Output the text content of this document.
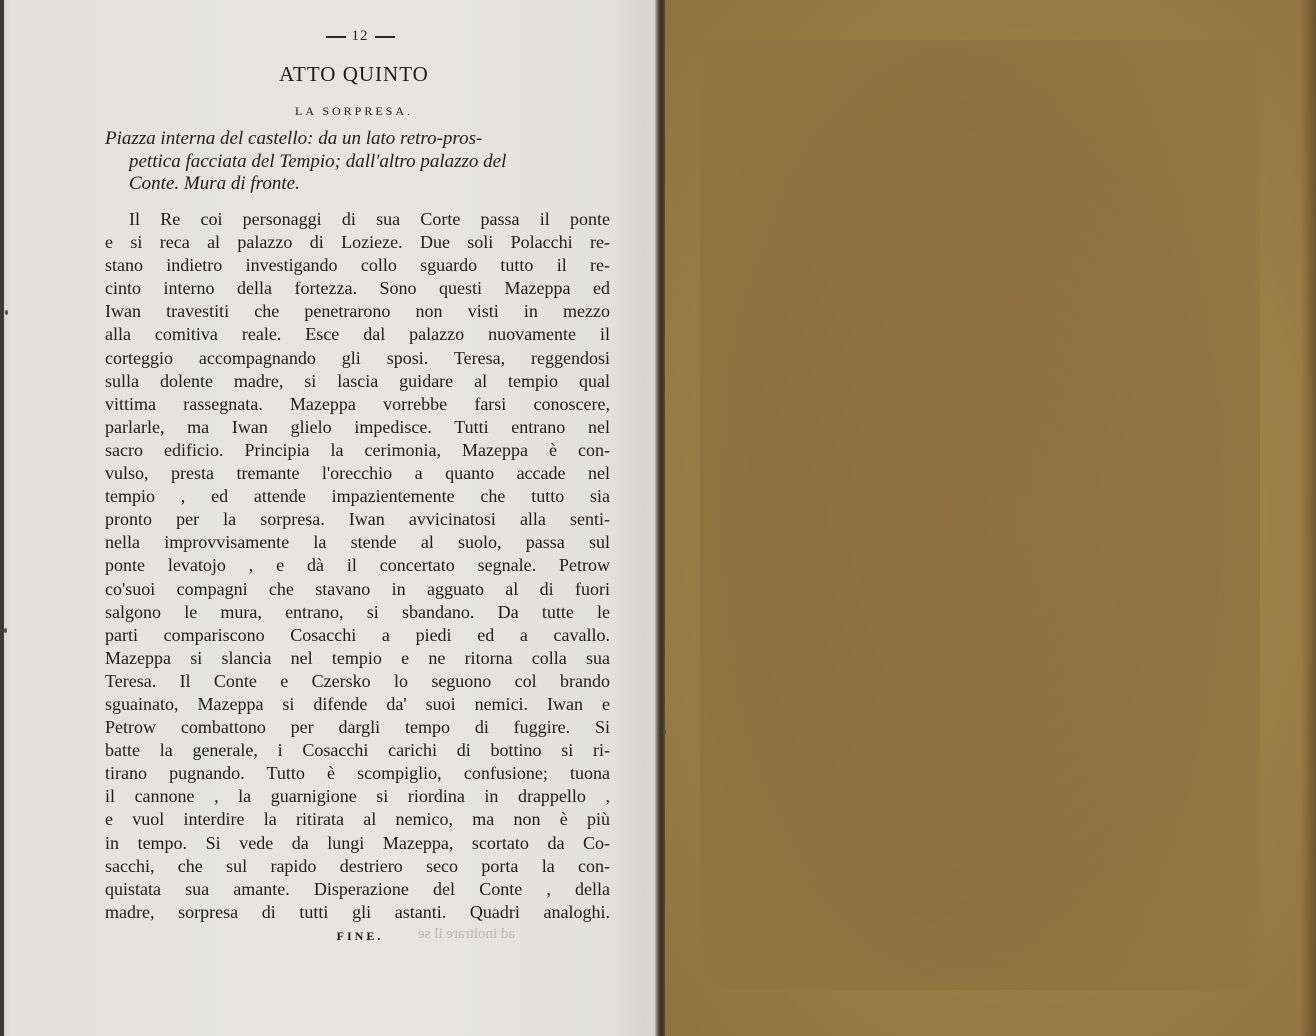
12
ATTO QUINTO
LA SORPRESA.
Piazza interna del castello: da un lato retro-pros-
pettica facciata del Tempio; dall'altro palazzo del
Conte. Mura di fronte.
Il Re coi personaggi di sua Corte passa il ponte
e si reca al palazzo di Lozieze. Due soli Polacchi re-
stano indietro investigando collo sguardo tutto il re-
cinto interno della fortezza. Sono questi Mazeppa ed
Iwan travestiti che penetrarono non visti in mezzo
alla comitiva reale. Esce dal palazzo nuovamente il
corteggio accompagnando gli sposi. Teresa, reggendosi
sulla dolente madre, si lascia guidare al tempio qual
vittima rassegnata. Mazeppa vorrebbe farsi conoscere,
parlarle, ma Iwan glielo impedisce. Tutti entrano nel
sacro edificio. Principia la cerimonia, Mazeppa è con-
vulso, presta tremante l'orecchio a quanto accade nel
tempio , ed attende impazientemente che tutto sia
pronto per la sorpresa. Iwan avvicinatosi alla senti-
nella improvvisamente la stende al suolo, passa sul
ponte levatojo , e dà il concertato segnale. Petrow
co'suoi compagni che stavano in agguato al di fuori
salgono le mura, entrano, si sbandano. Da tutte le
parti compariscono Cosacchi a piedi ed a cavallo.
Mazeppa si slancia nel tempio e ne ritorna colla sua
Teresa. Il Conte e Czersko lo seguono col brando
sguainato, Mazeppa si difende da' suoi nemici. Iwan e
Petrow combattono per dargli tempo di fuggire. Si
batte la generale, i Cosacchi carichi di bottino si ri-
tirano pugnando. Tutto è scompiglio, confusione; tuona
il cannone , la guarnigione si riordina in drappello ,
e vuol interdire la ritirata al nemico, ma non è più
in tempo. Si vede da lungi Mazeppa, scortato da Co-
sacchi, che sul rapido destriero seco porta la con-
quistata sua amante. Disperazione del Conte , della
madre, sorpresa di tutti gli astanti. Quadri analoghi.
FINE.	ad inoltrare il se
